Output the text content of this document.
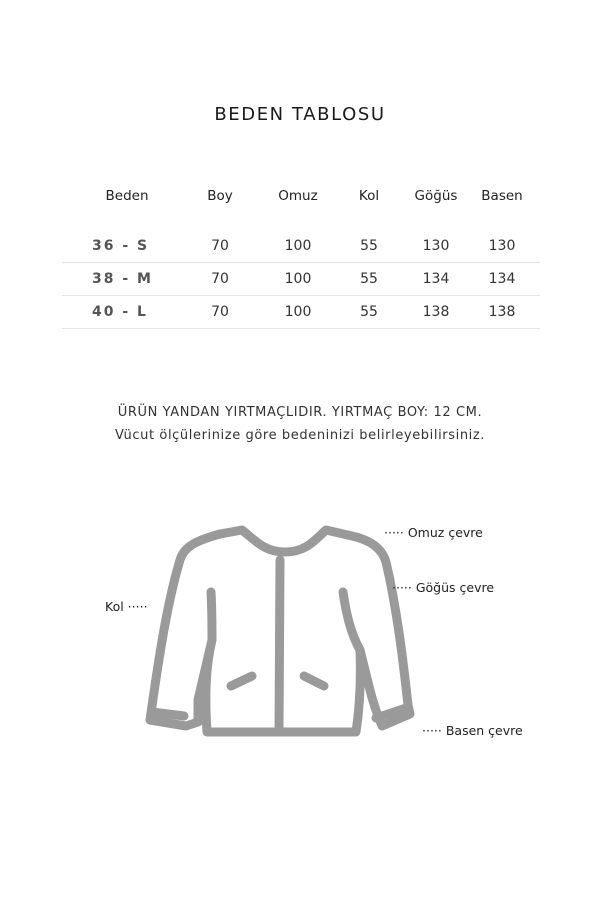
BEDEN TABLOSU
Beden	Boy	Omuz	Kol	Göğüs	Basen
36 - S	70	100	55	130	130
38 - M	70	100	55	134	134
40 - L	70	100	55	138	138

ÜRÜN YANDAN YIRTMAÇLIDIR. YIRTMAÇ BOY: 12 CM.

Vücut ölçülerinize göre bedeninizi belirleyebilirsiniz.

····· Omuz çevre
····· Göğüs çevre
Kol ·····
····· Basen çevre
